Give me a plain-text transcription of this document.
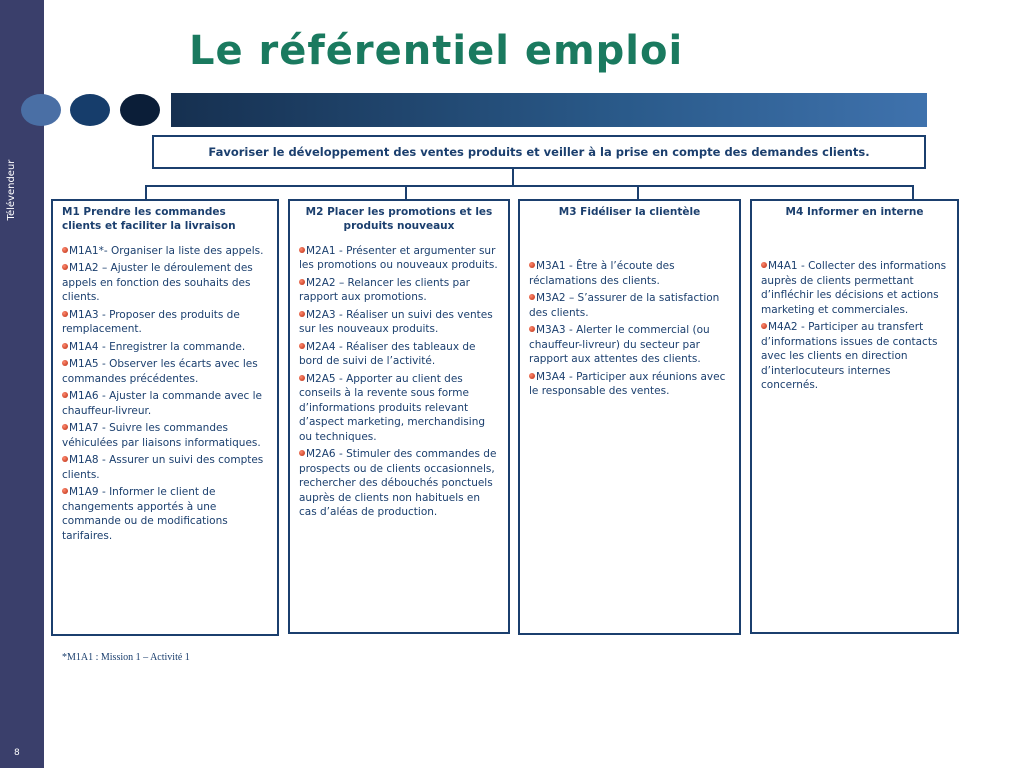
Télévendeur
8
Le référentiel emploi
Favoriser le développement des ventes produits et veiller à la prise en compte des demandes clients.
M1 Prendre les commandes clients et faciliter la livraison
M1A1*- Organiser la liste des appels.
M1A2 – Ajuster le déroulement des appels en fonction des souhaits des clients.
M1A3 - Proposer des produits de remplacement.
M1A4 - Enregistrer la commande.
M1A5 - Observer les écarts avec les commandes précédentes.
M1A6 - Ajuster la commande avec le chauffeur-livreur.
M1A7 - Suivre les commandes véhiculées par liaisons informatiques.
M1A8 - Assurer un suivi des comptes clients.
M1A9 - Informer le client de changements apportés à une commande ou de modifications tarifaires.
M2 Placer les promotions et les produits nouveaux
M2A1 - Présenter et argumenter sur les promotions ou nouveaux produits.
M2A2 – Relancer les clients par rapport aux promotions.
M2A3 - Réaliser un suivi des ventes sur les nouveaux produits.
M2A4 - Réaliser des tableaux de bord de suivi de l’activité.
M2A5 - Apporter au client des conseils à la revente sous forme d’informations produits relevant d’aspect marketing, merchandising ou techniques.
M2A6 - Stimuler des commandes de prospects ou de clients occasionnels, rechercher des débouchés ponctuels auprès de clients non habituels en cas d’aléas de production.
M3 Fidéliser la clientèle
M3A1 - Être à l’écoute des réclamations des clients.
M3A2 – S’assurer de la satisfaction des clients.
M3A3 - Alerter le commercial (ou chauffeur-livreur) du secteur par rapport aux attentes des clients.
M3A4 - Participer aux réunions avec le responsable des ventes.
M4 Informer en interne
M4A1 - Collecter des informations auprès de clients permettant d’infléchir les décisions et actions marketing et commerciales.
M4A2 - Participer au transfert d’informations issues de contacts avec les clients en direction d’interlocuteurs internes concernés.
*M1A1 : Mission 1 – Activité 1
